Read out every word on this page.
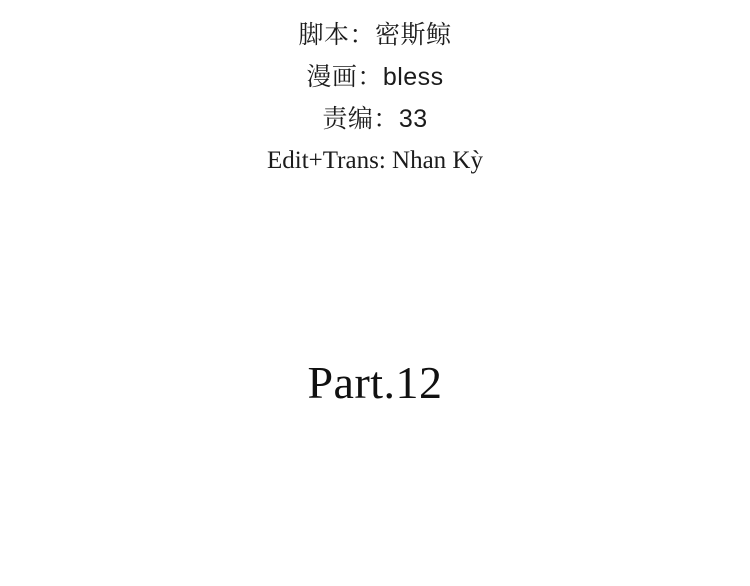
脚本：密斯鲸
漫画：bless
责编：33
Edit+Trans: Nhan Kỳ
Part.12
